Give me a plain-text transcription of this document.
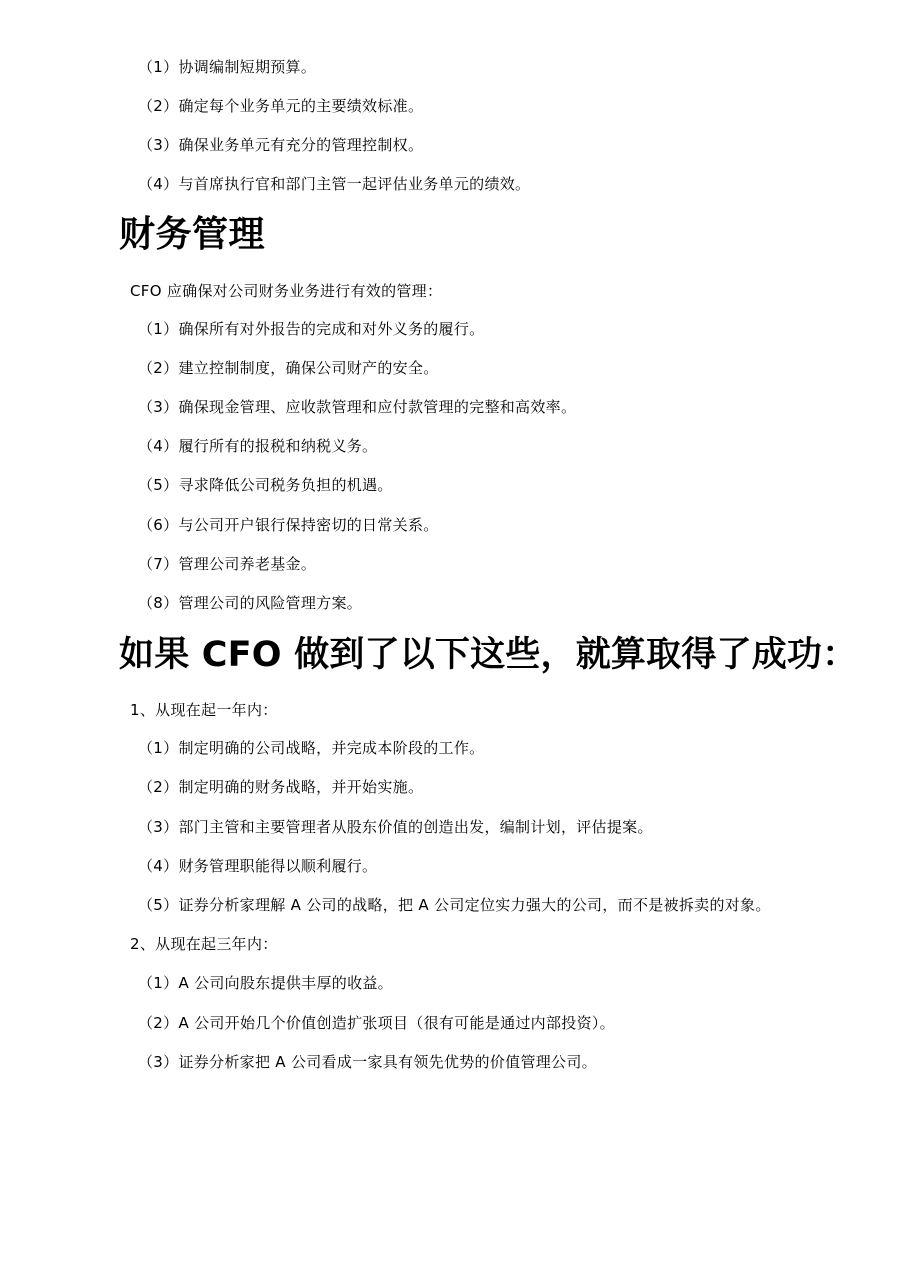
（1）协调编制短期预算。

（2）确定每个业务单元的主要绩效标准。

（3）确保业务单元有充分的管理控制权。

（4）与首席执行官和部门主管一起评估业务单元的绩效。

财务管理

CFO 应确保对公司财务业务进行有效的管理：

（1）确保所有对外报告的完成和对外义务的履行。

（2）建立控制制度，确保公司财产的安全。

（3）确保现金管理、应收款管理和应付款管理的完整和高效率。

（4）履行所有的报税和纳税义务。

（5）寻求降低公司税务负担的机遇。

（6）与公司开户银行保持密切的日常关系。

（7）管理公司养老基金。

（8）管理公司的风险管理方案。

如果 CFO 做到了以下这些，就算取得了成功：

1、从现在起一年内：

（1）制定明确的公司战略，并完成本阶段的工作。

（2）制定明确的财务战略，并开始实施。

（3）部门主管和主要管理者从股东价值的创造出发，编制计划，评估提案。

（4）财务管理职能得以顺利履行。

（5）证券分析家理解 A 公司的战略，把 A 公司定位实力强大的公司，而不是被拆卖的对象。

2、从现在起三年内：

（1）A 公司向股东提供丰厚的收益。

（2）A 公司开始几个价值创造扩张项目（很有可能是通过内部投资）。

（3）证券分析家把 A 公司看成一家具有领先优势的价值管理公司。
